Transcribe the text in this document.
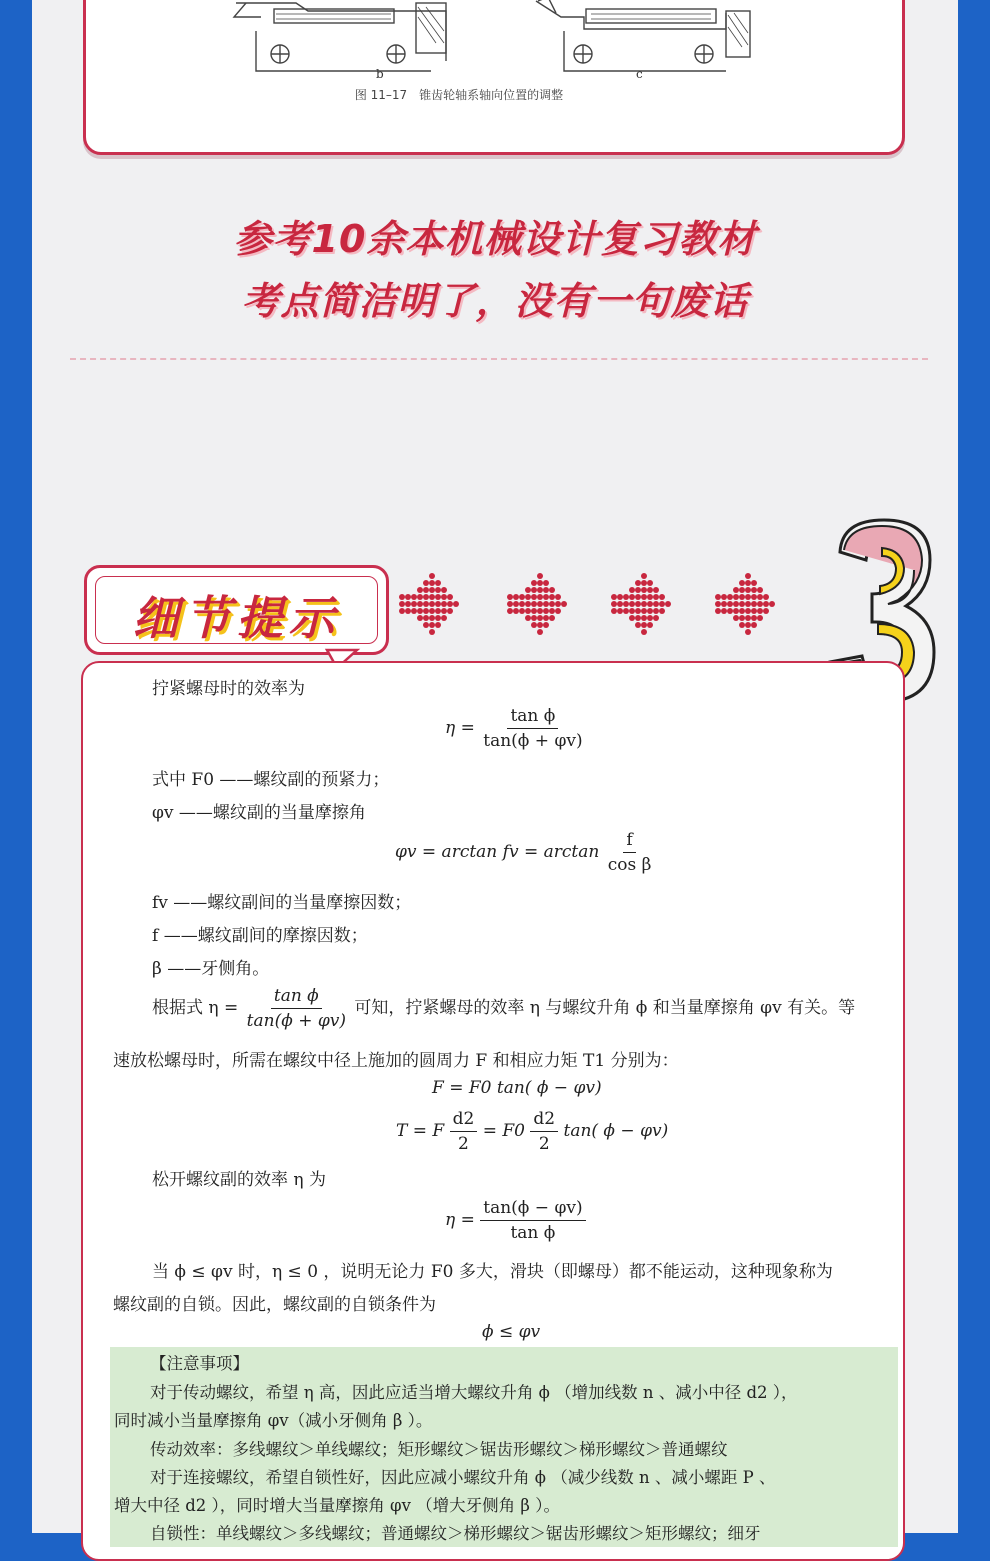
b	c
图 11–17　锥齿轮轴系轴向位置的调整
参考10余本机械设计复习教材
考点简洁明了，没有一句废话
细节提示
拧紧螺母时的效率为
$\eta = \frac{\text{tan ϕ}}{\tan(\phi + \varphi v)}$
式中 F0 ——螺纹副的预紧力；
φv ——螺纹副的当量摩擦角
φv = arctan fv = $\arctan \frac{f}{\text{cos β}}$
fv ——螺纹副间的当量摩擦因数；
f ——螺纹副间的摩擦因数；
β ——牙侧角。
根据式 $\eta = \frac{\text{tan ϕ}}{\tan(\phi + \varphi v)}$ 可知，拧紧螺母的效率 η 与螺纹升角 ϕ 和当量摩擦角 φv 有关。等
速放松螺母时，所需在螺纹中径上施加的圆周力 F 和相应力矩 T1 分别为：
F = F0 tan( ϕ − φv)
T = F $\frac{d2}{2} = F0 \frac{d2}{2} \tan$( ϕ − φv)
松开螺纹副的效率 η 为
$\eta = \frac{\tan(\phi - \varphi v)}{\text{tan ϕ}}$
当 ϕ ≤ φv 时，η ≤ 0 ，说明无论力 F0 多大，滑块（即螺母）都不能运动，这种现象称为
螺纹副的自锁。因此，螺纹副的自锁条件为
ϕ ≤ φv
【注意事项】
对于传动螺纹，希望 η 高，因此应适当增大螺纹升角 ϕ （增加线数 n 、减小中径 d2 ），
同时减小当量摩擦角 φv（减小牙侧角 β ）。
传动效率：多线螺纹＞单线螺纹；矩形螺纹＞锯齿形螺纹＞梯形螺纹＞普通螺纹
对于连接螺纹，希望自锁性好，因此应减小螺纹升角 ϕ （减少线数 n 、减小螺距 P 、
增大中径 d2 ），同时增大当量摩擦角 φv （增大牙侧角 β ）。
自锁性：单线螺纹＞多线螺纹；普通螺纹＞梯形螺纹＞锯齿形螺纹＞矩形螺纹；细牙
